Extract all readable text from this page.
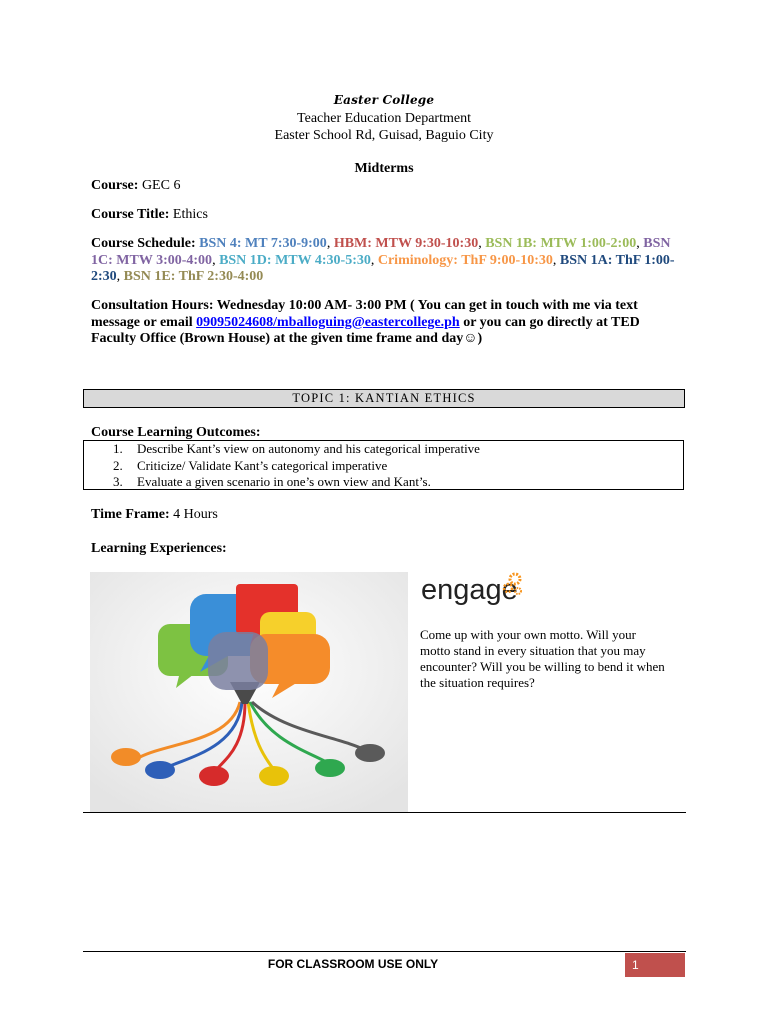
Easter College
Teacher Education Department
Easter School Rd, Guisad, Baguio City
Midterms
Course: GEC 6
Course Title: Ethics
Course Schedule: BSN 4: MT 7:30-9:00, HBM: MTW 9:30-10:30, BSN 1B: MTW 1:00-2:00, BSN 1C: MTW 3:00-4:00, BSN 1D: MTW 4:30-5:30, Criminology: ThF 9:00-10:30, BSN 1A: ThF 1:00-2:30, BSN 1E: ThF 2:30-4:00
Consultation Hours: Wednesday 10:00 AM- 3:00 PM ( You can get in touch with me via text message or email 09095024608/mballoguing@eastercollege.ph or you can go directly at TED Faculty Office (Brown House) at the given time frame and day☺)
TOPIC 1: KANTIAN ETHICS
Course Learning Outcomes:
1. Describe Kant’s view on autonomy and his categorical imperative
2. Criticize/ Validate Kant’s categorical imperative
3. Evaluate a given scenario in one’s own view and Kant’s.
Time Frame: 4 Hours
Learning Experiences:
engage
Come up with your own motto. Will your motto stand in every situation that you may encounter? Will you be willing to bend it when the situation requires?
FOR CLASSROOM USE ONLY	1
